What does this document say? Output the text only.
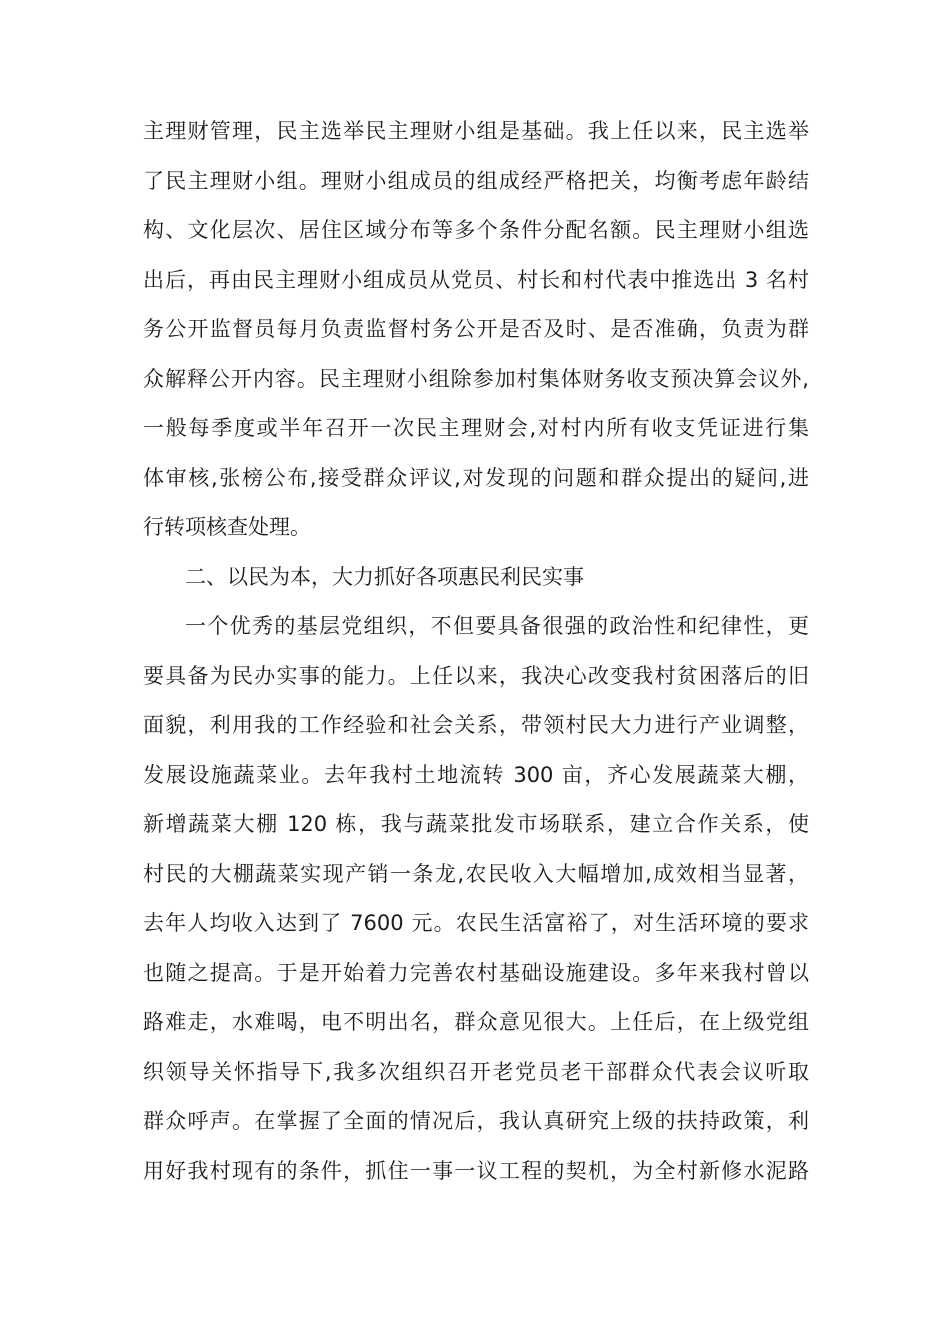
主理财管理，民主选举民主理财小组是基础。我上任以来，民主选举
了民主理财小组。理财小组成员的组成经严格把关，均衡考虑年龄结
构、文化层次、居住区域分布等多个条件分配名额。民主理财小组选
出后，再由民主理财小组成员从党员、村长和村代表中推选出 3 名村
务公开监督员每月负责监督村务公开是否及时、是否准确，负责为群
众解释公开内容。民主理财小组除参加村集体财务收支预决算会议外,
一般每季度或半年召开一次民主理财会,对村内所有收支凭证进行集
体审核,张榜公布,接受群众评议,对发现的问题和群众提出的疑问,进
行转项核查处理。
二、以民为本，大力抓好各项惠民利民实事
一个优秀的基层党组织，不但要具备很强的政治性和纪律性，更
要具备为民办实事的能力。上任以来，我决心改变我村贫困落后的旧
面貌，利用我的工作经验和社会关系，带领村民大力进行产业调整，
发展设施蔬菜业。去年我村土地流转 300 亩，齐心发展蔬菜大棚，
新增蔬菜大棚 120 栋，我与蔬菜批发市场联系，建立合作关系，使
村民的大棚蔬菜实现产销一条龙,农民收入大幅增加,成效相当显著，
去年人均收入达到了 7600 元。农民生活富裕了，对生活环境的要求
也随之提高。于是开始着力完善农村基础设施建设。多年来我村曾以
路难走，水难喝，电不明出名，群众意见很大。上任后，在上级党组
织领导关怀指导下,我多次组织召开老党员老干部群众代表会议听取
群众呼声。在掌握了全面的情况后，我认真研究上级的扶持政策，利
用好我村现有的条件，抓住一事一议工程的契机，为全村新修水泥路
